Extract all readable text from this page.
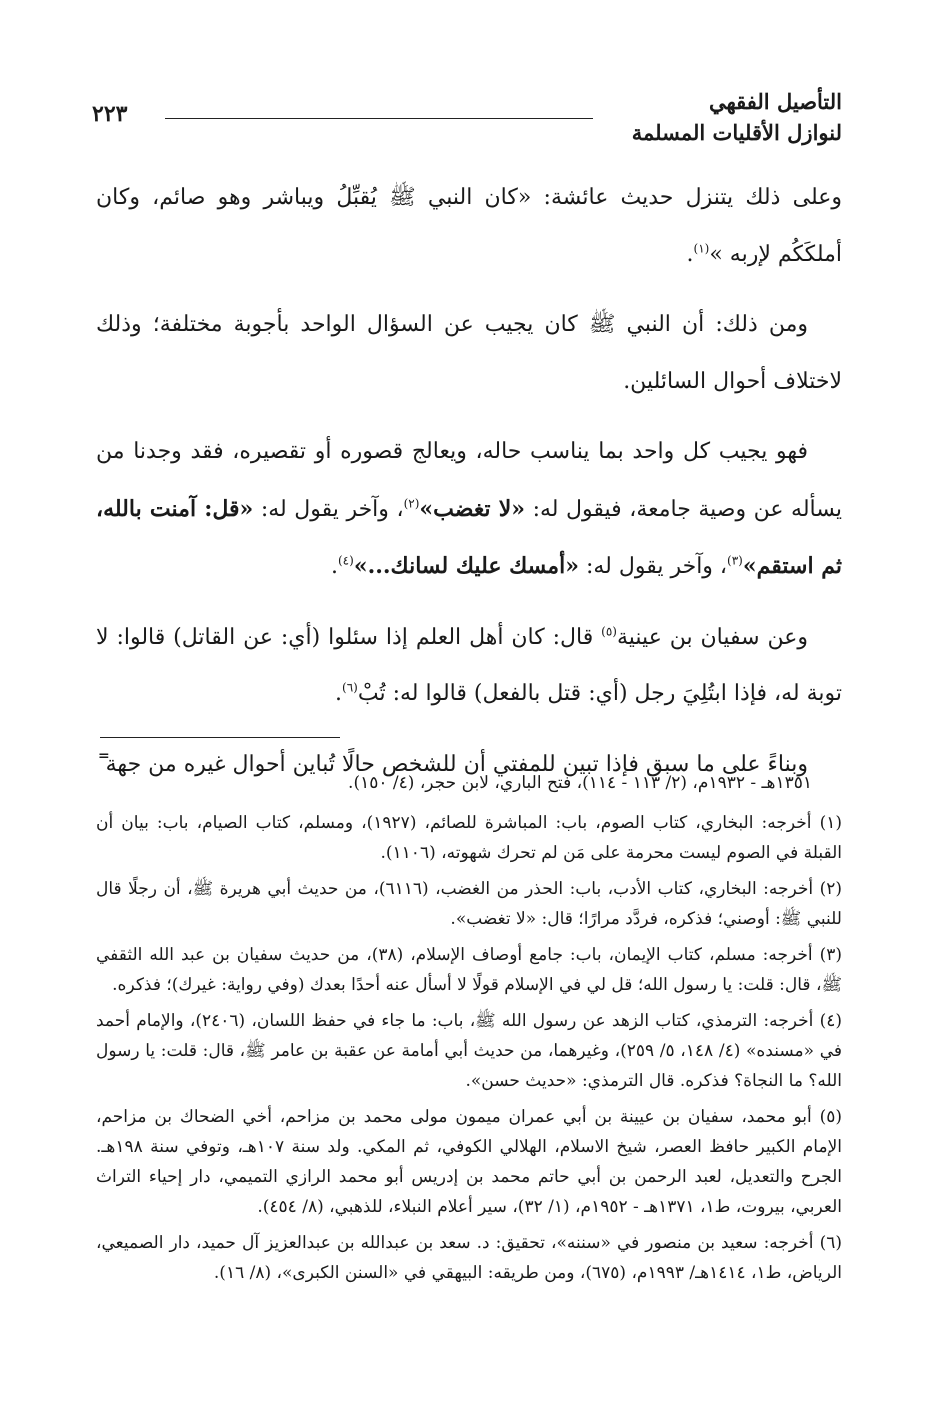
التأصيل الفقهي
لنوازل الأقليات المسلمة
٢٢٣

وعلى ذلك يتنزل حديث عائشة: «كان النبي ﷺ يُقبِّلُ ويباشر وهو صائم، وكان أملكَكُم لإربه »$^{(١)}$.

ومن ذلك: أن النبي ﷺ كان يجيب عن السؤال الواحد بأجوبة مختلفة؛ وذلك لاختلاف أحوال السائلين.

فهو يجيب كل واحد بما يناسب حاله، ويعالج قصوره أو تقصيره، فقد وجدنا من يسأله عن وصية جامعة، فيقول له: «لا تغضب»$^{(٢)}$، وآخر يقول له: «قل: آمنت بالله، ثم استقم»$^{(٣)}$، وآخر يقول له: «أمسك عليك لسانك...»$^{(٤)}$.

وعن سفيان بن عينية$^{(٥)}$ قال: كان أهل العلم إذا سئلوا (أي: عن القاتل) قالوا: لا توبة له، فإذا ابتُلِيَ رجل (أي: قتل بالفعل) قالوا له: تُبْ$^{(٦)}$.

وبناءً على ما سبق فإذا تبين للمفتي أن للشخص حالًا تُباين أحوال غيره من جهة

=
١٣٥١هـ - ١٩٣٢م، (٢/ ١١٣ - ١١٤)، فتح الباري، لابن حجر، (٤/ ١٥٠).
(١) أخرجه: البخاري، كتاب الصوم، باب: المباشرة للصائم، (١٩٢٧)، ومسلم، كتاب الصيام، باب: بيان أن القبلة في الصوم ليست محرمة على مَن لم تحرك شهوته، (١١٠٦).
(٢) أخرجه: البخاري، كتاب الأدب، باب: الحذر من الغضب، (٦١١٦)، من حديث أبي هريرة ﷺ، أن رجلًا قال للنبي ﷺ: أوصني؛ فذكره، فردَّد مرارًا؛ قال: «لا تغضب».
(٣) أخرجه: مسلم، كتاب الإيمان، باب: جامع أوصاف الإسلام، (٣٨)، من حديث سفيان بن عبد الله الثقفي ﷺ، قال: قلت: يا رسول الله؛ قل لي في الإسلام قولًا لا أسأل عنه أحدًا بعدك (وفي رواية: غيرك)؛ فذكره.
(٤) أخرجه: الترمذي، كتاب الزهد عن رسول الله ﷺ، باب: ما جاء في حفظ اللسان، (٢٤٠٦)، والإمام أحمد في «مسنده» (٤/ ١٤٨، ٥/ ٢٥٩)، وغيرهما، من حديث أبي أمامة عن عقبة بن عامر ﷺ، قال: قلت: يا رسول الله؟ ما النجاة؟ فذكره. قال الترمذي: «حديث حسن».
(٥) أبو محمد، سفيان بن عيينة بن أبي عمران ميمون مولى محمد بن مزاحم، أخي الضحاك بن مزاحم، الإمام الكبير حافظ العصر، شيخ الاسلام، الهلالي الكوفي، ثم المكي. ولد سنة ١٠٧هـ، وتوفي سنة ١٩٨هـ. الجرح والتعديل، لعبد الرحمن بن أبي حاتم محمد بن إدريس أبو محمد الرازي التميمي، دار إحياء التراث العربي، بيروت، ط١، ١٣٧١هـ - ١٩٥٢م، (١/ ٣٢)، سير أعلام النبلاء، للذهبي، (٨/ ٤٥٤).
(٦) أخرجه: سعيد بن منصور في «سننه»، تحقيق: د. سعد بن عبدالله بن عبدالعزيز آل حميد، دار الصميعي، الرياض، ط١، ١٤١٤هـ/ ١٩٩٣م، (٦٧٥)، ومن طريقه: البيهقي في «السنن الكبرى»، (٨/ ١٦).
